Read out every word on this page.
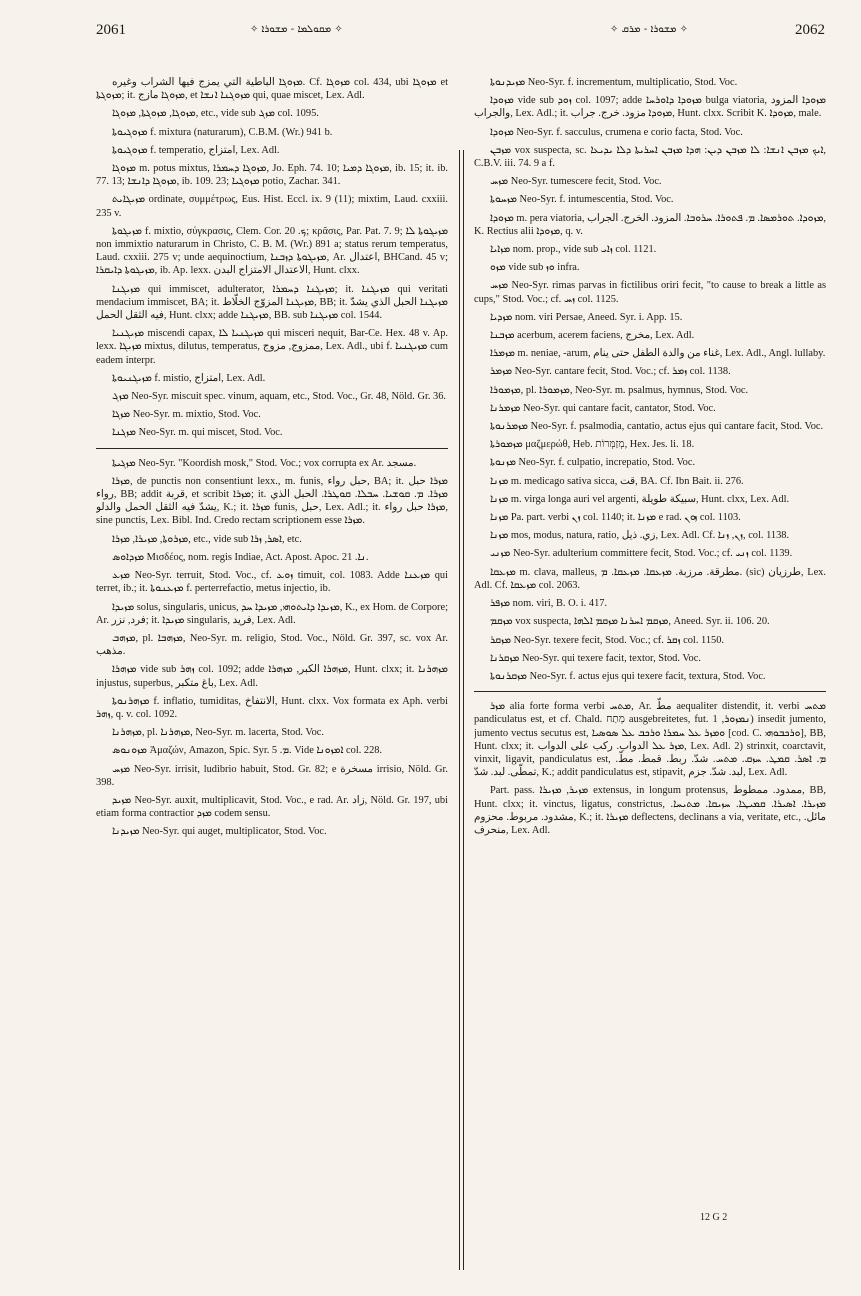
2061	✧ ܡܩܘܠܡܐ - ܡܫܘܪܐ ✧	✧ ܡܫܘܪܐ - ܡܪܩ ✧	2062

ܡܙܘܓܐ الباطية التي يمزج فيها الشراب وغيره. Cf. ܡܙܘܓܐ col. 434, ubi ܡܙܘܓܐ et ܡܙܘܓܬܐ; it. ܡܙܘܓܐ مازج, et ܡܙܘܓܢܐ ܐܢܫܐ qui, quae miscet, Lex. Adl.

ܡܙܘܓܐ, ܡܙܘܓܬܐ, ܡܙܘܓܐ, etc., vide sub ܡܙܓ col. 1095.

ܡܙܘܓܝܘܬܐ f. mixtura (naturarum), C.B.M. (Wr.) 941 b.

ܡܙܘܓܝܘܬܐ f. temperatio, امتزاج, Lex. Adl.

ܡܙܘܓܐ m. potus mixtus, ܡܙܘܓܐ ܕܚܡܪܐ, Jo. Eph. 74. 10; ܡܙܘܓܐ ܕܡܝܐ, ib. 15; it. ib. 77. 13; ܡܙܘܓܐ ܕܐܢܫܐ, ib. 109. 23; ܡܙܘܓܝܐ potio, Zachar. 341.

ܡܙܝܓܐܝܬ ordinate, συμμέτρως, Eus. Hist. Eccl. ix. 9 (11); mixtim, Laud. cxxiii. 235 v.

ܡܙܝܓܘܬܐ f. mixtio, σύγκρασις, Clem. Cor. ܟ. 20; κρᾶσις, Par. Pat. 7. 9; ܡܙܝܓܘܬܐ ܠܐ non immixtio naturarum in Christo, C. B. M. (Wr.) 891 a; status rerum temperatus, Laud. cxxiii. 275 v; unde aequinoctium, ܡܙܝܓܘܬܐ ܕܙܒܢܐ, Ar. اعتدال, BHCand. 45 v; ܡܙܝܓܘܬܐ ܕܐܝܩܪܐ, ib. Ap. lexx. الاعتدال الامتزاج البدن, Hunt. clxx.

ܡܙܝܓܢܐ qui immiscet, adulterator, ܡܙܝܓܢܐ ܕܚܡܪܐ; it. ܡܙܝܓܢܐ qui veritati mendacium immiscet, BA; it. ܡܙܝܓܢܐ المزوّج الخلّاط, BB; it. ܡܙܝܓܢܐ الحبل الذي يشدّ فيه الثقل الحمل, Hunt. clxx; adde ܡܙܝܓܢܐ, BB. sub ܡܙܝܓܢܐ col. 1544.

ܡܙܝܓܢܝܐ miscendi capax, ܡܙܝܓܢܝܐ ܠܐ qui misceri nequit, Bar-Ce. Hex. 48 v. Ap. lexx. ܡܙܝܓܐ mixtus, dilutus, temperatus, ممزوج, مزوج, Lex. Adl., ubi f. ܡܙܝܓܢܝܐ cum eadem interpr.

ܡܙܝܓܢܝܘܬܐ f. mistio, امتزاج, Lex. Adl.

ܡܙܓ Neo-Syr. miscuit spec. vinum, aquam, etc., Stod. Voc., Gr. 48, Nöld. Gr. 36.

ܡܙܓܐ Neo-Syr. m. mixtio, Stod. Voc.

ܡܙܓܢܐ Neo-Syr. m. qui miscet, Stod. Voc.

ܡܙܓܝܬܐ Neo-Syr. "Koordish mosk," Stod. Voc.; vox corrupta ex Ar. مسجد.

ܡܙܪܐ, de punctis non consentiunt lexx., m. funis, حبل رواء, BA; it. ܡܙܪܐ حبل رواء, BB; addit قربة, et scribit ܡܙܪܐ; it. ܡܙܪܐ. ܡ. ܩܘܫܝܐ. ܚܒܠܐ. ܩܘܛܪܐ. الحبل الذي يشدّ فيه الثقل الحمل والدلو, K.; it. ܡܙܪܐ funis, حبل, Lex. Adl.; it. ܡܙܪܐ حبل رواء, sine punctis, Lex. Bibl. Ind. Credo rectam scriptionem esse ܡܙܪܐ.

ܡܙܪܘܬܐ, ܡܙܝܪܐ, ܡܙܪܐ, etc., vide sub ܐܣܪ, ܙܪܐ, etc.

ܡܙܕܐܘܣ Μισδέος, nom. regis Indiae, Act. Apost. Apoc. ܢܐ. 21.

ܡܙܥ Neo-Syr. terruit, Stod. Voc., cf. ܙܘܥ timuit, col. 1083. Adde ܡܙܥܢܐ qui terret, ib.; it. ܡܙܥܢܘܬܐ f. perterrefactio, metus injectio, ib.

ܡܙܝܕܐ solus, singularis, unicus, ܡܙܝܕܐ ܕܐܝܬܘܗܝ, ܡܙܝܕܐ ܚܕ, K., ex Hom. de Corpore; Ar. فرد, نزر; it. ܡܙܝܕܐ singularis, فريد, Lex. Adl.

ܡܙܗܒ, pl. ܡܙܗܒܐ, Neo-Syr. m. religio, Stod. Voc., Nöld. Gr. 397, sc. vox Ar. مذهب.

ܡܙܗܪܐ vide sub ܙܗܪ col. 1092; adde ܡܙܗܪܐ الكبر, ܡܙܗܪܐ, Hunt. clxx; it. ܡܙܗܪܢܐ injustus, superbus, باغ متكبر, Lex. Adl.

ܡܙܗܪܢܘܬܐ f. inflatio, tumiditas, الانتفاخ, Hunt. clxx. Vox formata ex Aph. verbi ܙܗܪ, q. v. col. 1092.

ܡܙܗܪܢܐ, pl. ܡܙܗܪܢܐ, Neo-Syr. m. lacerta, Stod. Voc.

ܡܙܘܢܘܣ Ἀμαζών, Amazon, Spic. Syr. ܡ. 5. Vide ܐܡܙܘܢܐ col. 228.

ܡܙܚ Neo-Syr. irrisit, ludibrio habuit, Stod. Gr. 82; e مسخرة irrisio, Nöld. Gr. 398.

ܡܙܝܕ Neo-Syr. auxit, multiplicavit, Stod. Voc., e rad. Ar. زاد, Nöld. Gr. 197, ubi etiam forma contractior ܡܙܕ codem sensu.

ܡܙܝܕܢܐ Neo-Syr. qui auget, multiplicator, Stod. Voc.

ܡܙܝܕܢܘܬܐ Neo-Syr. f. incrementum, multiplicatio, Stod. Voc.

ܡܙܘܕܐ vide sub ܙܘܕ col. 1097; adde ܡܙܘܕܐ ܕܐܘܪܚܐ bulga viatoria, ܡܙܘܕܐ المزود والجراب, Lex. Adl.; it. ܡܙܘܕܐ مزود. خرج. جراب, Hunt. clxx. Scribit K. ܡܙܘܕܐ, male.

ܡܙܘܕܐ Neo-Syr. f. sacculus, crumena e corio facta, Stod. Voc.

ܡܙܒܢ vox suspecta, sc. ܐܝܟ ܡܙܒܢ ܐܢܫܐ: ܠܐ ܡܙܒܢ ܕܝܢ: ܗܕܐ ܡܙܒܢ ܐܚܪܝܬܐ ܕܠܐ ܝܕܝܥܐ, C.B.V. iii. 74. 9 a f.

ܡܙܚ Neo-Syr. tumescere fecit, Stod. Voc.

ܡܙܚܘܬܐ Neo-Syr. f. intumescentia, Stod. Voc.

ܡܙܘܕܐ m. pera viatoria, ܡܙܘܕܐ. ܬܘܪܡܣܐ. ܡ. ܦܬܘܪܐ. ܚܪܘܒܐ. المزود. الخرج. الجراب, K. Rectius alii ܡܙܘܕܐ, q. v.

ܡܙܐܝܐ nom. prop., vide sub ܙܐܝ col. 1121.

ܡܙܘ vide sub ܘܙ infra.

ܡܙܚ Neo-Syr. rimas parvas in fictilibus oriri fecit, "to cause to break a little as cups," Stod. Voc.; cf. ܙܚ col. 1125.

ܡܙܕܝܐ nom. viri Persae, Aneed. Syr. i. App. 15.

ܡܙܒܢܐ acerbum, acerem faciens, مخرج, Lex. Adl.

ܡܙܡܪܐ m. neniae, -arum, غناء من والدة الطفل حتى ينام, Lex. Adl., Angl. lullaby.

ܡܙܡܪ Neo-Syr. cantare fecit, Stod. Voc.; cf. ܙܡܪ col. 1138.

ܡܙܡܘܪܐ, pl. ܡܙܡܘܪܐ, Neo-Syr. m. psalmus, hymnus, Stod. Voc.

ܡܙܡܪܢܐ Neo-Syr. qui cantare facit, cantator, Stod. Voc.

ܡܙܡܪܢܘܬܐ Neo-Syr. f. psalmodia, cantatio, actus ejus qui cantare facit, Stod. Voc.

ܡܙܡܘܪܬܐ μαζμερώθ, Heb. מְזַמְּרוֹת, Hex. Jes. li. 18.

ܡܙܢܘܬܐ Neo-Syr. f. culpatio, increpatio, Stod. Voc.

ܡܙܢܐ m. medicago sativa sicca, قت, BA. Cf. Ibn Bait. ii. 276.

ܡܙܢܐ m. virga longa auri vel argenti, سبيكة طويلة, Hunt. clxx, Lex. Adl.

ܡܙܢܐ Pa. part. verbi ܙܢ col. 1140; it. ܡܙܢܐ e rad. ܙܘܢ col. 1103.

ܡܙܢܐ mos, modus, natura, ratio, زي. ذيل, Lex. Adl. Cf. ܙܢ, ܙܢܐ, col. 1138.

ܡܙܢܝ Neo-Syr. adulterium committere fecit, Stod. Voc.; cf. ܙܢܝ col. 1139.

ܡܙܥܩܐ m. clava, malleus, مطرقة. مرزبة. ܡܙܥܩܐ. ܡܙܥܩܐ. ܡ. (sic) طرزيان, Lex. Adl. Cf. ܡܙܥܩܐ col. 2063.

ܡܙܦܪ nom. viri, B. O. i. 417.

ܡܙܩܡ vox suspecta, ܡܙܩܡ ܐܚܪܢܐ ܡܙܩܡ ܐܠܗܐ, Aneed. Syr. ii. 106. 20.

ܡܙܩܪ Neo-Syr. texere fecit, Stod. Voc.; cf. ܙܩܪ col. 1150.

ܡܙܩܪܢܐ Neo-Syr. qui texere facit, textor, Stod. Voc.

ܡܙܩܪܢܘܬܐ Neo-Syr. f. actus ejus qui texere facit, textura, Stod. Voc.

ܡܙܪ alia forte forma verbi ܡܬܚ, Ar. مطّ aequaliter distendit, it. verbi ܡܬܚ pandiculatus est, et cf. Chald. מְתַח ausgebreitetes, fut. ܢܡܙܘܪ, 1) insedit jumento, jumento vectus secutus est, ܘܡܙܪ ܥܠ ܚܡܪܐ ܘܪܟܒ ܥܠ ܣܘܣܝܐ [cod. C. ܘܪܟܒܘܗܝ], BB, Hunt. clxx; it. ܡܙܪ ܥܠ الدواب. ركب على الدواب, Lex. Adl. 2) strinxit, coarctavit, vinxit, ligavit, pandiculatus est, ܡ. ܐܣܪ. ܩܡܛ. ܚܙܩ. ܡܬܚ. شدّ. ربط. قمط. مطّ. تمطّى. لبد. شدّ, K.; addit pandiculatus est, stipavit, لبد. شدّ. جزم, Lex. Adl.

Part. pass. ܡܙܝܪ, ܡܙܝܪܐ extensus, in longum protensus, ممدود. ممطوط, BB, Hunt. clxx; it. vinctus, ligatus, constrictus, ܡܙܝܪܐ. ܐܣܝܪܐ. ܩܡܝܛܐ. ܚܙܝܩܐ. ܡܬܝܚܐ. مشدود. مربوط. محزوم, K.; it. ܡܙܝܪܐ deflectens, declinans a via, veritate, etc., مائل. منحرف, Lex. Adl.

12 G 2
